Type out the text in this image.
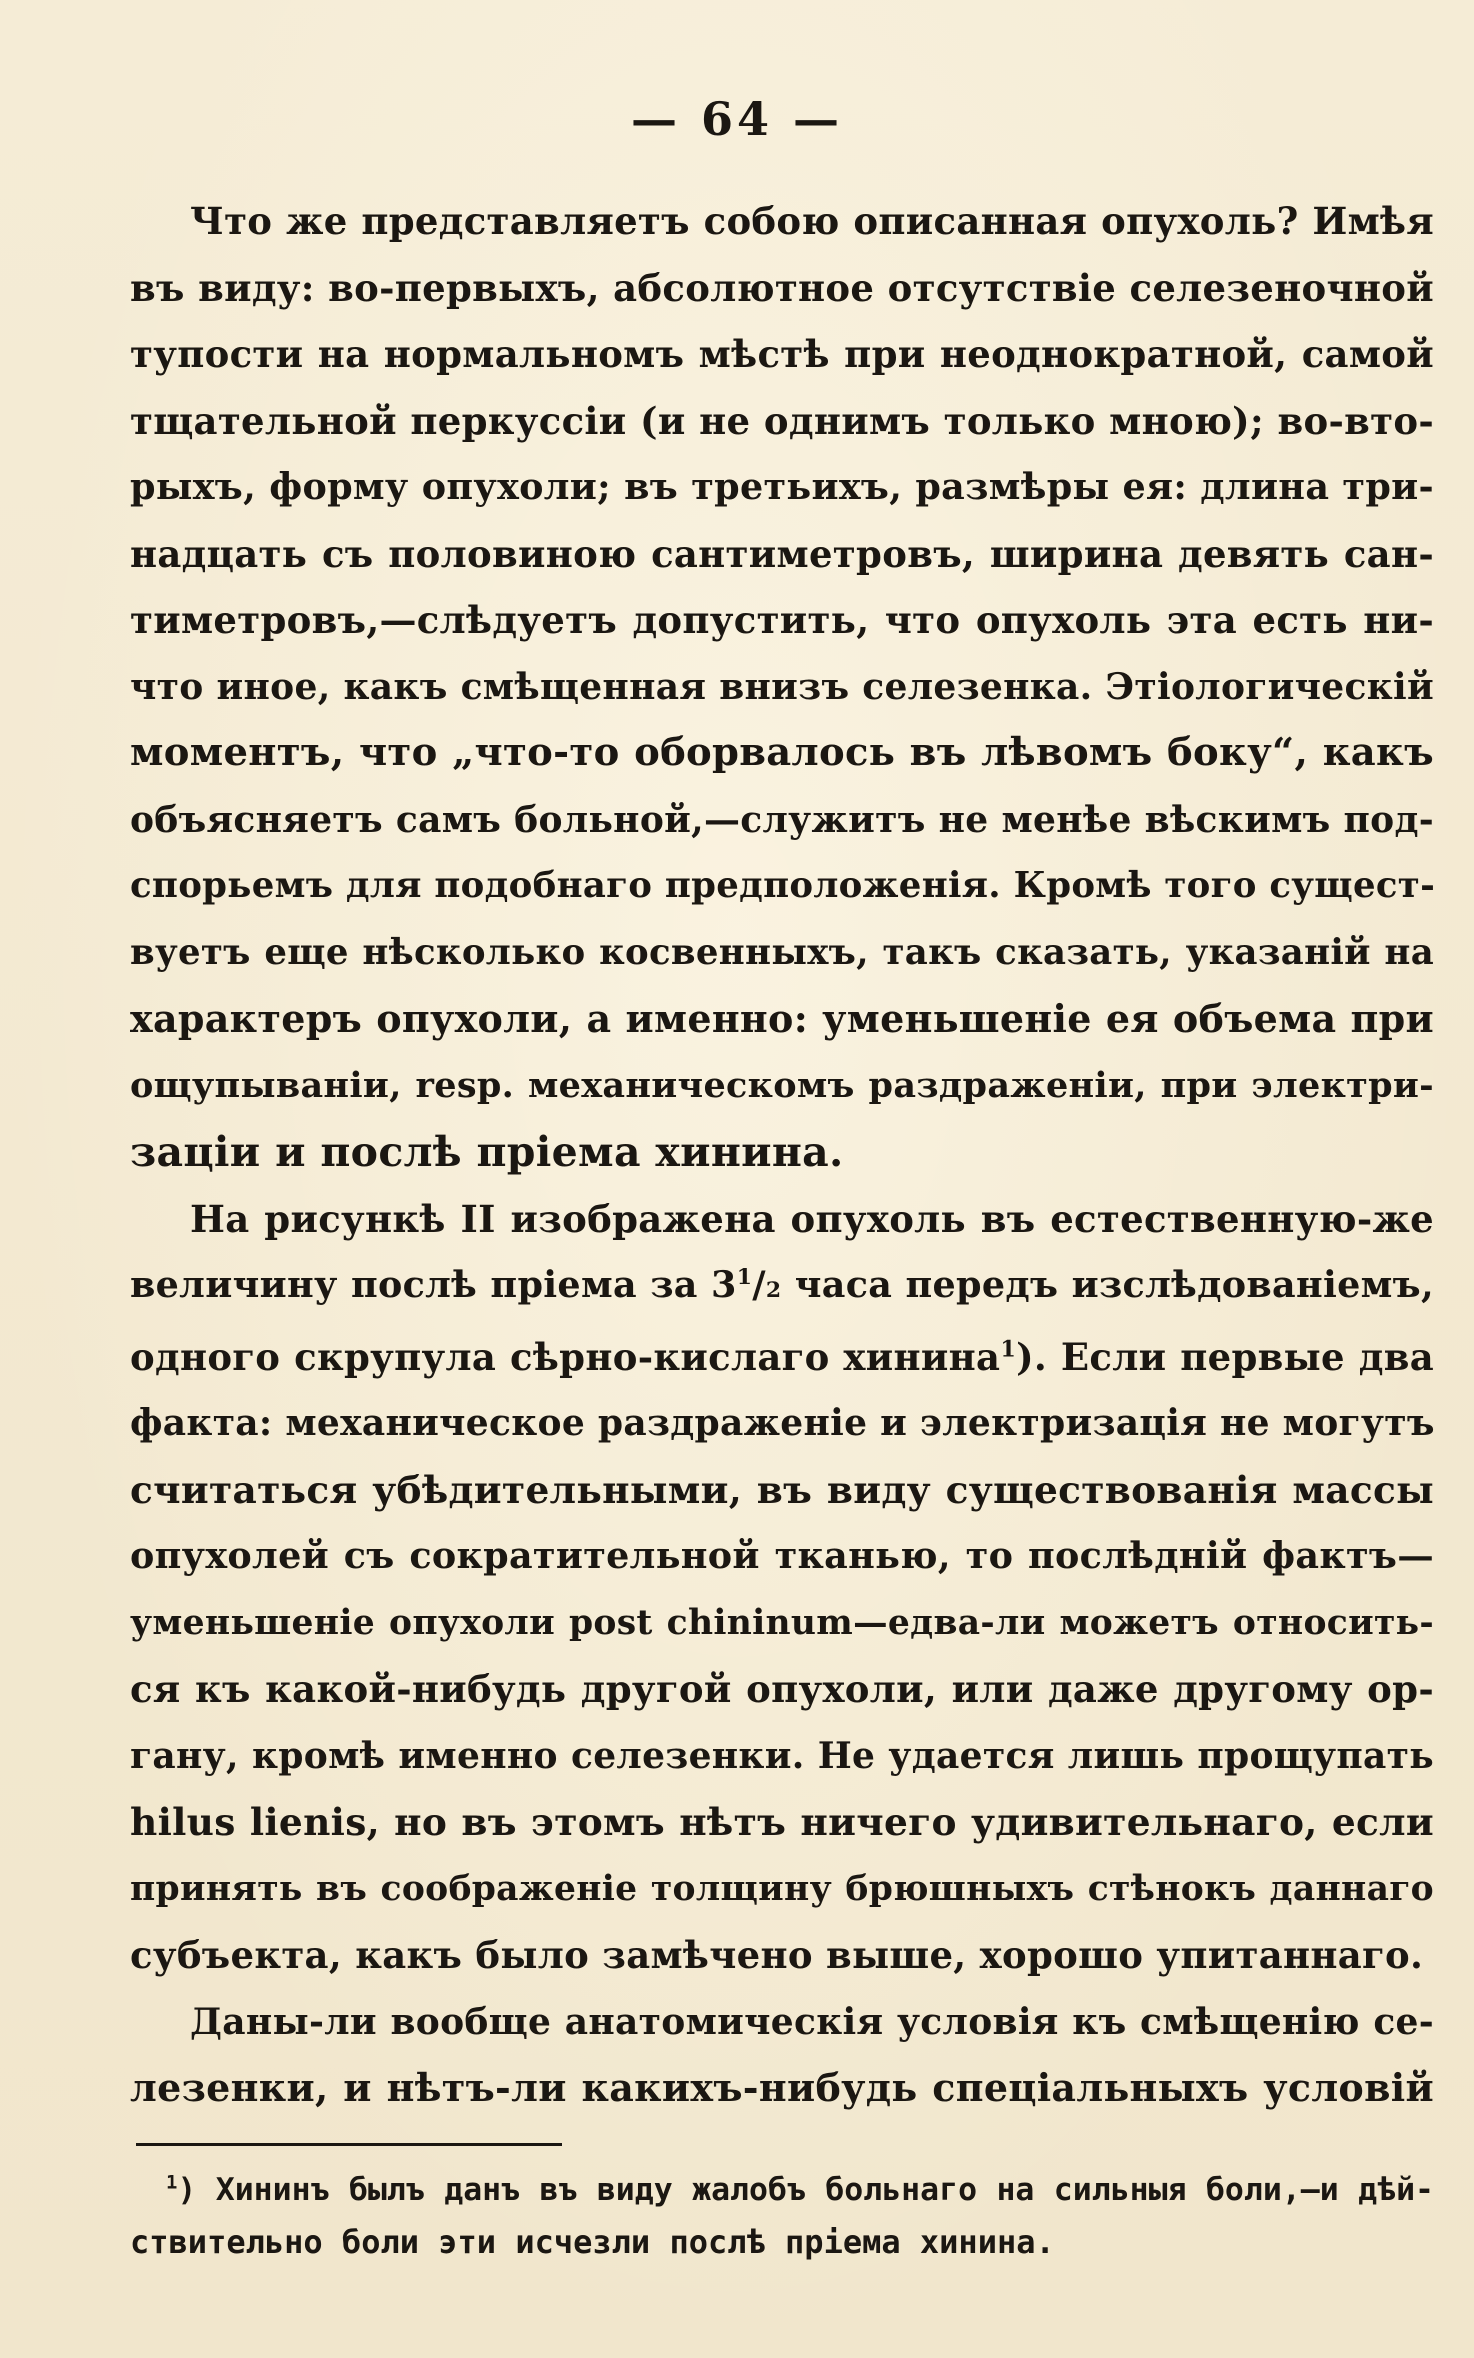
— 64 —
Что же представляетъ собою описанная опухоль? Имѣя
въ виду: во-первыхъ, абсолютное отсутствіе селезеночной
тупости на нормальномъ мѣстѣ при неоднократной, самой
тщательной перкуссіи (и не однимъ только мною); во-вто-
рыхъ, форму опухоли; въ третьихъ, размѣры ея: длина три-
надцать съ половиною сантиметровъ, ширина девять сан-
тиметровъ,—слѣдуетъ допустить, что опухоль эта есть ни-
что иное, какъ смѣщенная внизъ селезенка. Этіологическій
моментъ, что „что-то оборвалось въ лѣвомъ боку“, какъ
объясняетъ самъ больной,—служитъ не менѣе вѣскимъ под-
спорьемъ для подобнаго предположенія. Кромѣ того сущест-
вуетъ еще нѣсколько косвенныхъ, такъ сказать, указаній на
характеръ опухоли, а именно: уменьшеніе ея объема при
ощупываніи, resp. механическомъ раздраженіи, при электри-
заціи и послѣ пріема хинина.
На рисункѣ II изображена опухоль въ естественную-же
величину послѣ пріема за $3^1/2$ часа передъ изслѣдованіемъ,
одного скрупула сѣрно-кислаго хинина$^1$). Если первые два
факта: механическое раздраженіе и электризація не могутъ
считаться убѣдительными, въ виду существованія массы
опухолей съ сократительной тканью, то послѣдній фактъ—
уменьшеніе опухоли post chininum—едва-ли можетъ относить-
ся къ какой-нибудь другой опухоли, или даже другому ор-
гану, кромѣ именно селезенки. Не удается лишь прощупать
hilus lienis, но въ этомъ нѣтъ ничего удивительнаго, если
принять въ соображеніе толщину брюшныхъ стѣнокъ даннаго
субъекта, какъ было замѣчено выше, хорошо упитаннаго.
Даны-ли вообще анатомическія условія къ смѣщенію се-
лезенки, и нѣтъ-ли какихъ-нибудь спеціальныхъ условій
$^1$) Хининъ былъ данъ въ виду жалобъ больнаго на сильныя боли,—и дѣй-
ствительно боли эти исчезли послѣ пріема хинина.
